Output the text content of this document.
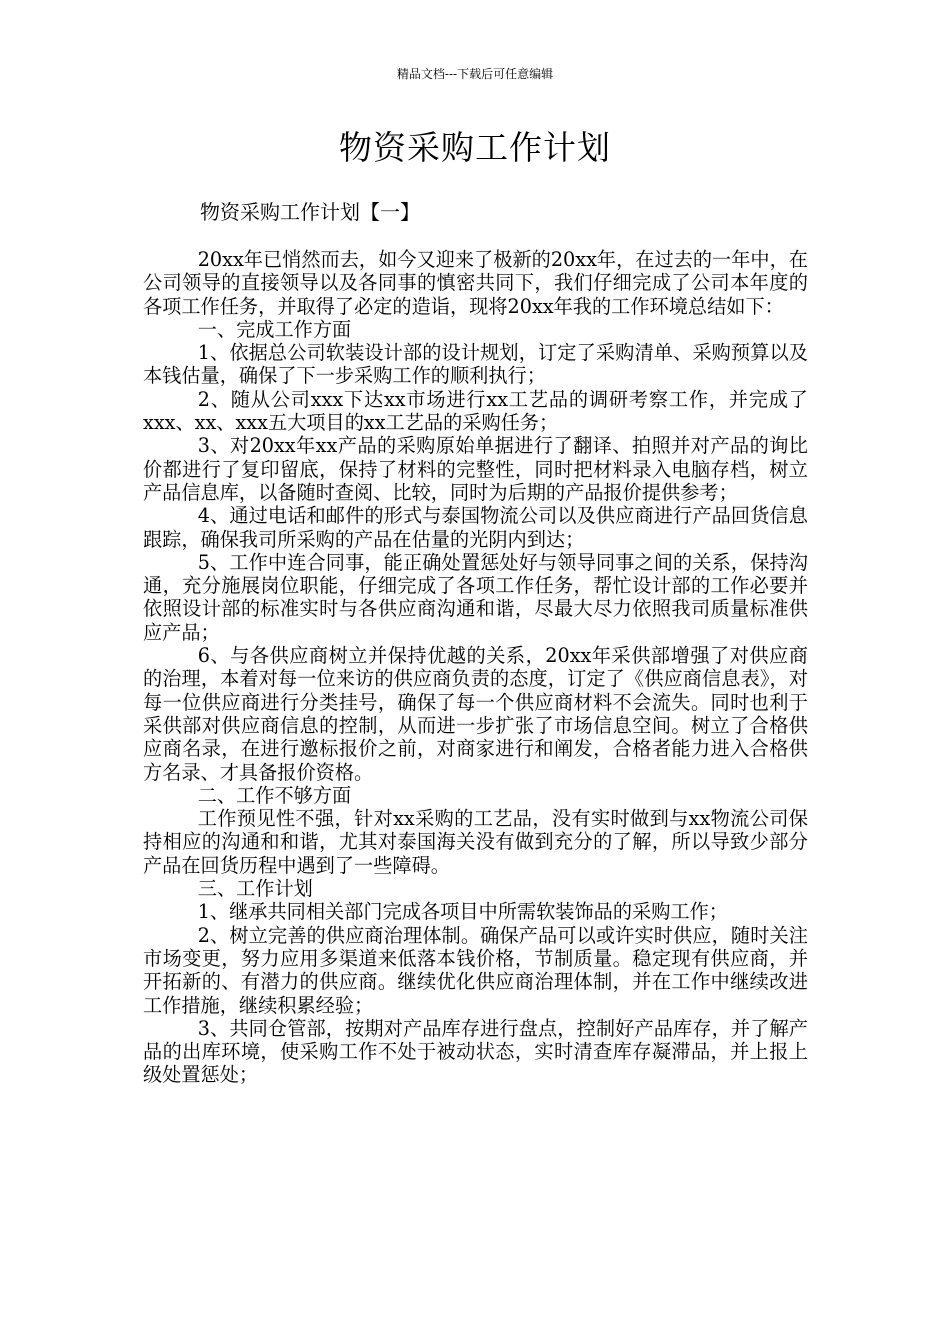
精品文档---下载后可任意编辑
物资采购工作计划
物资采购工作计划【一】

20xx年已悄然而去，如今又迎来了极新的20xx年，在过去的一年中，在公司领导的直接领导以及各同事的慎密共同下，我们仔细完成了公司本年度的各项工作任务，并取得了必定的造诣，现将20xx年我的工作环境总结如下：

一、完成工作方面

1、依据总公司软装设计部的设计规划，订定了采购清单、采购预算以及本钱估量，确保了下一步采购工作的顺利执行；

2、随从公司xxx下达xx市场进行xx工艺品的调研考察工作，并完成了xxx、xx、xxx五大项目的xx工艺品的采购任务；

3、对20xx年xx产品的采购原始单据进行了翻译、拍照并对产品的询比价都进行了复印留底，保持了材料的完整性，同时把材料录入电脑存档，树立产品信息库，以备随时查阅、比较，同时为后期的产品报价提供参考；

4、通过电话和邮件的形式与泰国物流公司以及供应商进行产品回货信息跟踪，确保我司所采购的产品在估量的光阴内到达；

5、工作中连合同事，能正确处置惩处好与领导同事之间的关系，保持沟通，充分施展岗位职能，仔细完成了各项工作任务，帮忙设计部的工作必要并依照设计部的标准实时与各供应商沟通和谐，尽最大尽力依照我司质量标准供应产品；

6、与各供应商树立并保持优越的关系，20xx年采供部增强了对供应商的治理，本着对每一位来访的供应商负责的态度，订定了《供应商信息表》，对每一位供应商进行分类挂号，确保了每一个供应商材料不会流失。同时也利于采供部对供应商信息的控制，从而进一步扩张了市场信息空间。树立了合格供应商名录，在进行邀标报价之前，对商家进行和阐发，合格者能力进入合格供方名录、才具备报价资格。

二、工作不够方面

工作预见性不强，针对xx采购的工艺品，没有实时做到与xx物流公司保持相应的沟通和和谐，尤其对泰国海关没有做到充分的了解，所以导致少部分产品在回货历程中遇到了一些障碍。

三、工作计划

1、继承共同相关部门完成各项目中所需软装饰品的采购工作；

2、树立完善的供应商治理体制。确保产品可以或许实时供应，随时关注市场变更，努力应用多渠道来低落本钱价格，节制质量。稳定现有供应商，并开拓新的、有潜力的供应商。继续优化供应商治理体制，并在工作中继续改进工作措施，继续积累经验；

3、共同仓管部，按期对产品库存进行盘点，控制好产品库存，并了解产品的出库环境，使采购工作不处于被动状态，实时清查库存凝滞品，并上报上级处置惩处；
